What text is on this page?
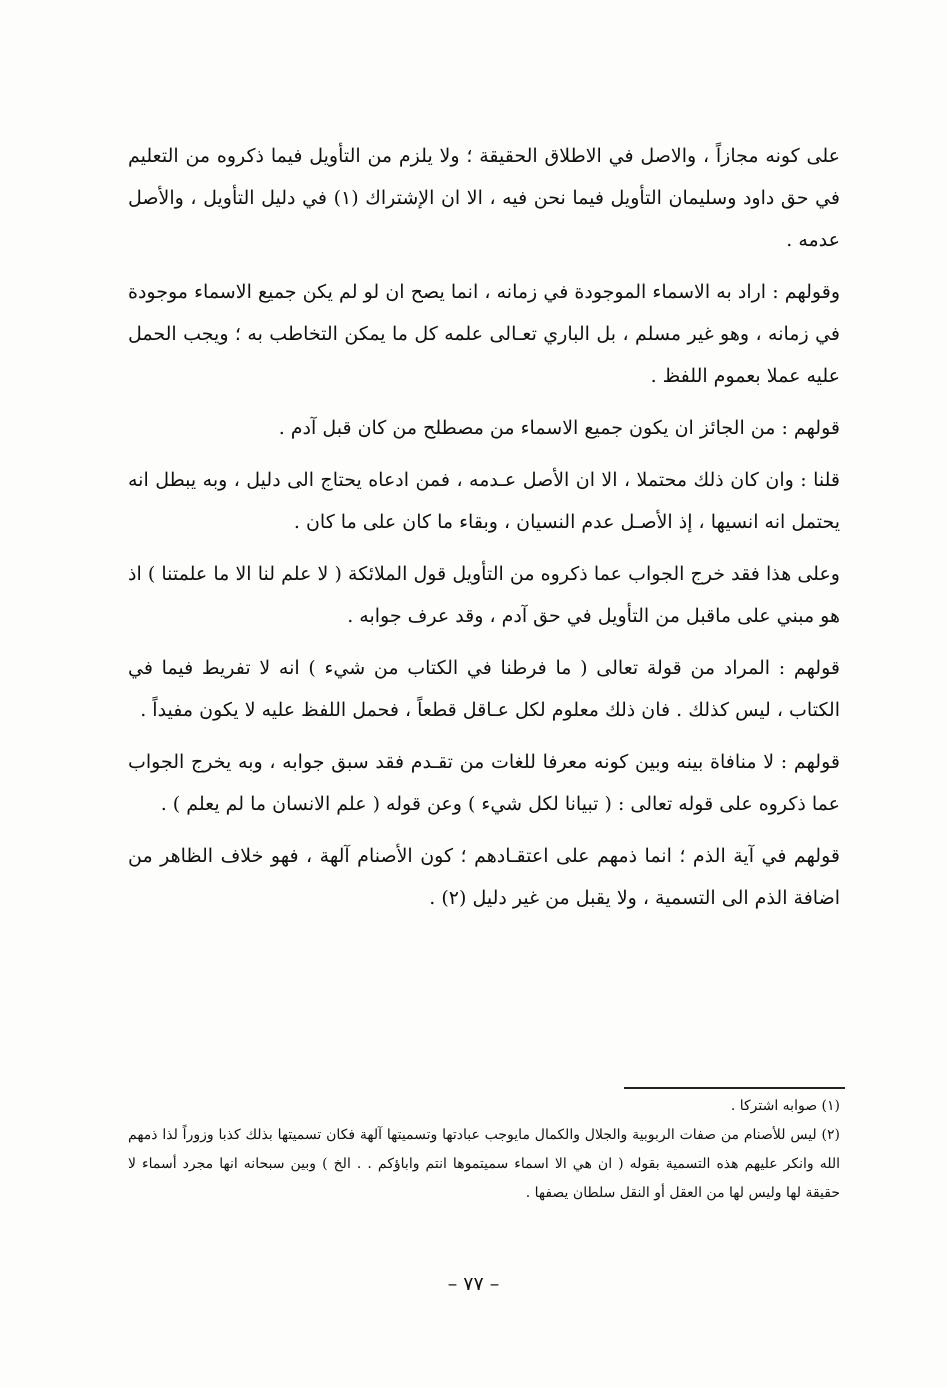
على كونه مجازاً ، والاصل في الاطلاق الحقيقة ؛ ولا يلزم من التأويل فيما ذكروه من التعليم في حق داود وسليمان التأويل فيما نحن فيه ، الا ان الإشتراك (١) في دليل التأويل ، والأصل عدمه .

وقولهم : اراد به الاسماء الموجودة في زمانه ، انما يصح ان لو لم يكن جميع الاسماء موجودة في زمانه ، وهو غير مسلم ، بل الباري تعـالى علمه كل ما يمكن التخاطب به ؛ ويجب الحمل عليه عملا بعموم اللفظ .

قولهم : من الجائز ان يكون جميع الاسماء من مصطلح من كان قبل آدم .

قلنا : وان كان ذلك محتملا ، الا ان الأصل عـدمه ، فمن ادعاه يحتاج الى دليل ، وبه يبطل انه يحتمل انه انسيها ، إذ الأصـل عدم النسيان ، وبقاء ما كان على ما كان .

وعلى هذا فقد خرج الجواب عما ذكروه من التأويل قول الملائكة ( لا علم لنا الا ما علمتنا ) اذ هو مبني على ماقبل من التأويل في حق آدم ، وقد عرف جوابه .

قولهم : المراد من قولة تعالى ( ما فرطنا في الكتاب من شيء ) انه لا تفريط فيما في الكتاب ، ليس كذلك . فان ذلك معلوم لكل عـاقل قطعاً ، فحمل اللفظ عليه لا يكون مفيداً .

قولهم : لا منافاة بينه وبين كونه معرفا للغات من تقـدم فقد سبق جوابه ، وبه يخرج الجواب عما ذكروه على قوله تعالى : ( تبيانا لكل شيء ) وعن قوله ( علم الانسان ما لم يعلم ) .

قولهم في آية الذم ؛ انما ذمهم على اعتقـادهم ؛ كون الأصنام آلهة ، فهو خلاف الظاهر من اضافة الذم الى التسمية ، ولا يقبل من غير دليل (٢) .

(١) صوابه اشتركا .

(٢) ليس للأصنام من صفات الربوبية والجلال والكمال مايوجب عبادتها وتسميتها آلهة فكان تسميتها بذلك كذبا وزوراً لذا ذمهم الله وانكر عليهم هذه التسمية بقوله ( ان هي الا اسماء سميتموها انتم واباؤكم . . الخ ) وبين سبحانه انها مجرد أسماء لا حقيقة لها وليس لها من العقل أو النقل سلطان يصفها .

– ٧٧ –
